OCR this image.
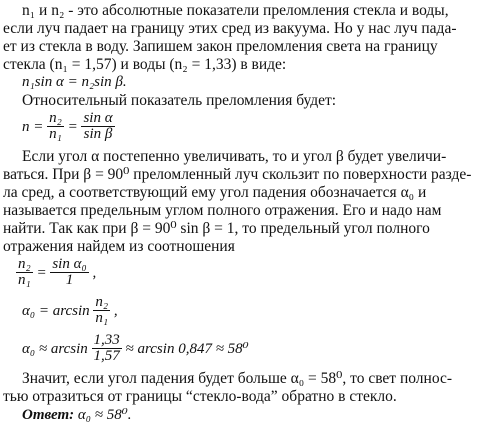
n₁ и n₂ - это абсолютные показатели преломления стекла и воды,
если луч падает на границу этих сред из вакуума. Но у нас луч пада-
ет из стекла в воду. Запишем закон преломления света на границу
стекла (n₁ = 1,57) и воды (n₂ = 1,33) в виде:
n₁sin α = n₂sin β.
Относительный показатель преломления будет:
$n = \frac{\text{n₂}}{\text{n₁}} = \frac{\text{sin α}}{\text{sin β}}$
Если угол α постепенно увеличивать, то и угол β будет увеличи-
ваться. При β = 90⁰ преломленный луч скользит по поверхности разде-
ла сред, а соответствующий ему угол падения обозначается α₀ и
называется предельным углом полного отражения. Его и надо нам
найти. Так как при β = 90⁰ sin β = 1, то предельный угол полного
отражения найдем из соотношения
$\frac{\text{n₂}}{\text{n₁}} = \frac{\text{sin α₀}}{1}$ ,
$\alpha_0 = \arcsin \frac{\text{n₂}}{\text{n₁}}$ ,
$\alpha_0 \approx \arcsin \frac{1,33}{1,57} \approx \arcsin 0,847 \approx 58^0$
Значит, если угол падения будет больше α₀ = 58⁰, то свет полнос-
тью отразиться от границы “стекло-вода” обратно в стекло.
Ответ: α₀ ≈ 58⁰.
